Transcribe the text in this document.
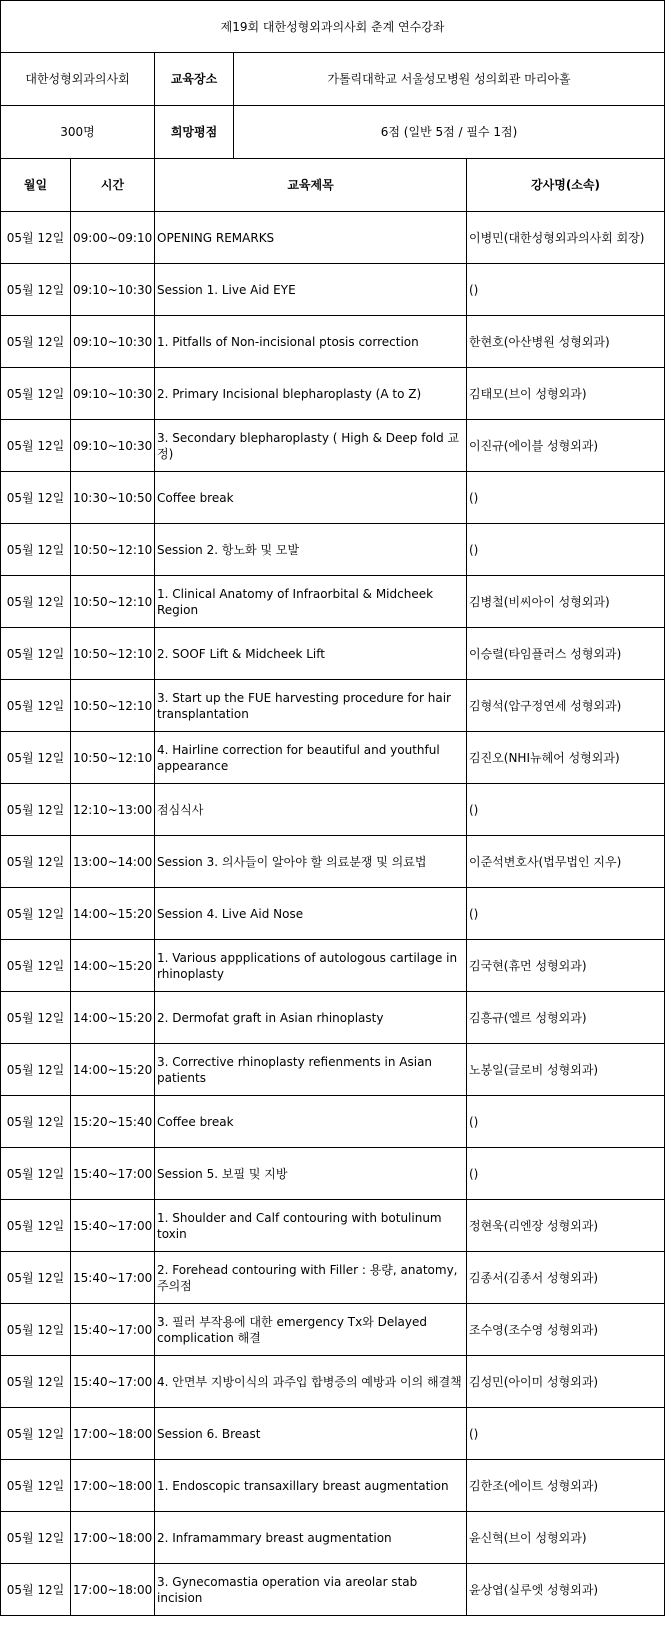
제19회 대한성형외과의사회 춘계 연수강좌				
대한성형외과의사회		교육장소	가톨릭대학교 서울성모병원 성의회관 마리아홀	
300명		희망평점	6점 (일반 5점 / 필수 1점)	
월일	시간	교육제목		강사명(소속)
05월 12일	09:00~09:10	OPENING REMARKS		이병민(대한성형외과의사회 회장)
05월 12일	09:10~10:30	Session 1. Live Aid EYE		()
05월 12일	09:10~10:30	1. Pitfalls of Non-incisional ptosis correction		한현호(아산병원 성형외과)
05월 12일	09:10~10:30	2. Primary Incisional blepharoplasty (A to Z)		김태모(브이 성형외과)
05월 12일	09:10~10:30	3. Secondary blepharoplasty ( High & Deep fold 교정)		이진규(에이블 성형외과)
05월 12일	10:30~10:50	Coffee break		()
05월 12일	10:50~12:10	Session 2. 항노화 및 모발		()
05월 12일	10:50~12:10	1. Clinical Anatomy of Infraorbital & Midcheek Region		김병철(비씨아이 성형외과)
05월 12일	10:50~12:10	2. SOOF Lift & Midcheek Lift		이승렬(타임플러스 성형외과)
05월 12일	10:50~12:10	3. Start up the FUE harvesting procedure for hair transplantation		김형석(압구정연세 성형외과)
05월 12일	10:50~12:10	4. Hairline correction for beautiful and youthful appearance		김진오(NHI뉴헤어 성형외과)
05월 12일	12:10~13:00	점심식사		()
05월 12일	13:00~14:00	Session 3. 의사들이 알아야 할 의료분쟁 및 의료법		이준석변호사(법무법인 지우)
05월 12일	14:00~15:20	Session 4. Live Aid Nose		()
05월 12일	14:00~15:20	1. Various appplications of autologous cartilage in rhinoplasty		김국현(휴먼 성형외과)
05월 12일	14:00~15:20	2. Dermofat graft in Asian rhinoplasty		김흥규(엘르 성형외과)
05월 12일	14:00~15:20	3. Corrective rhinoplasty refienments in Asian patients		노봉일(글로비 성형외과)
05월 12일	15:20~15:40	Coffee break		()
05월 12일	15:40~17:00	Session 5. 보필 및 지방		()
05월 12일	15:40~17:00	1. Shoulder and Calf contouring with botulinum toxin		정현욱(리엔장 성형외과)
05월 12일	15:40~17:00	2. Forehead contouring with Filler : 용량, anatomy, 주의점		김종서(김종서 성형외과)
05월 12일	15:40~17:00	3. 필러 부작용에 대한 emergency Tx와 Delayed complication 해결		조수영(조수영 성형외과)
05월 12일	15:40~17:00	4. 안면부 지방이식의 과주입 합병증의 예방과 이의 해결책		김성민(아이미 성형외과)
05월 12일	17:00~18:00	Session 6. Breast		()
05월 12일	17:00~18:00	1. Endoscopic transaxillary breast augmentation		김한조(에이트 성형외과)
05월 12일	17:00~18:00	2. Inframammary breast augmentation		윤신혁(브이 성형외과)
05월 12일	17:00~18:00	3. Gynecomastia operation via areolar stab incision		윤상엽(실루엣 성형외과)
